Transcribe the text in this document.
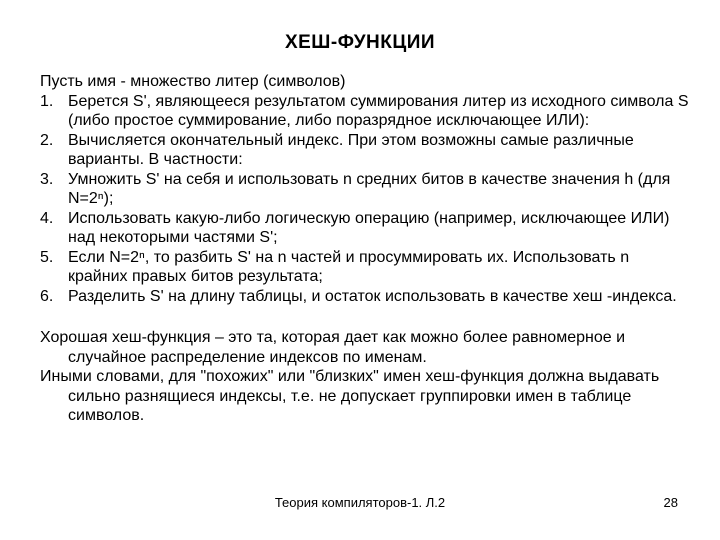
ХЕШ-ФУНКЦИИ
Пусть имя - множество литер (символов)
1. Берется S', являющееся результатом суммирования литер из исходного символа S (либо простое суммирование, либо поразрядное исключающее ИЛИ):
2. Вычисляется окончательный индекс. При этом возможны самые различные варианты. В частности:
3. Умножить S' на себя и использовать n средних битов в качестве значения h (для N=2ⁿ);
4. Использовать какую-либо логическую операцию (например, исключающее ИЛИ) над некоторыми частями S';
5. Если N=2ⁿ, то разбить S' на n частей и просуммировать их. Использовать n крайних правых битов результата;
6. Разделить S' на длину таблицы, и остаток использовать в качестве хеш -индекса.

Хорошая хеш-функция – это та, которая дает как можно более равномерное и случайное распределение индексов по именам.

Иными словами, для "похожих" или "близких" имен хеш-функция должна выдавать сильно разнящиеся индексы, т.е. не допускает группировки имен в таблице символов.

Теория компиляторов-1. Л.2	28
